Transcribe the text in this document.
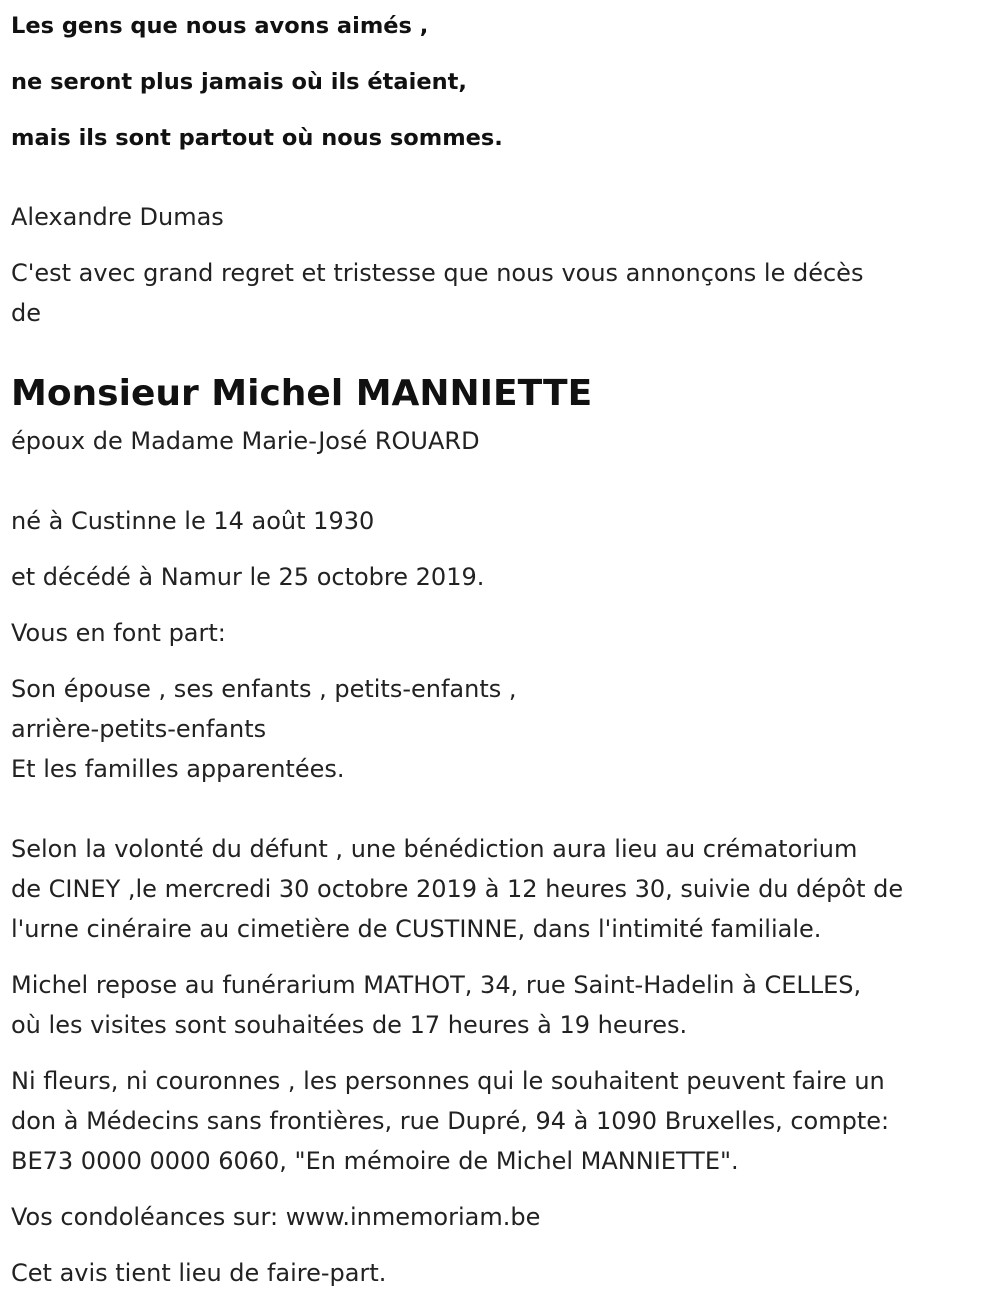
Les gens que nous avons aimés ,
ne seront plus jamais où ils étaient,
mais ils sont partout où nous sommes.
Alexandre Dumas
C'est avec grand regret et tristesse que nous vous annonçons le décès
de
Monsieur Michel MANNIETTE
époux de Madame Marie-José ROUARD
né à Custinne le 14 août 1930
et décédé à Namur le 25 octobre 2019.
Vous en font part:
Son épouse , ses enfants , petits-enfants ,
arrière-petits-enfants
Et les familles apparentées.
Selon la volonté du défunt , une bénédiction aura lieu au crématorium
de CINEY ,le mercredi 30 octobre 2019 à 12 heures 30, suivie du dépôt de
l'urne cinéraire au cimetière de CUSTINNE, dans l'intimité familiale.
Michel repose au funérarium MATHOT, 34, rue Saint-Hadelin à CELLES,
où les visites sont souhaitées de 17 heures à 19 heures.
Ni fleurs, ni couronnes , les personnes qui le souhaitent peuvent faire un
don à Médecins sans frontières, rue Dupré, 94 à 1090 Bruxelles, compte:
BE73 0000 0000 6060, "En mémoire de Michel MANNIETTE".
Vos condoléances sur: www.inmemoriam.be
Cet avis tient lieu de faire-part.
